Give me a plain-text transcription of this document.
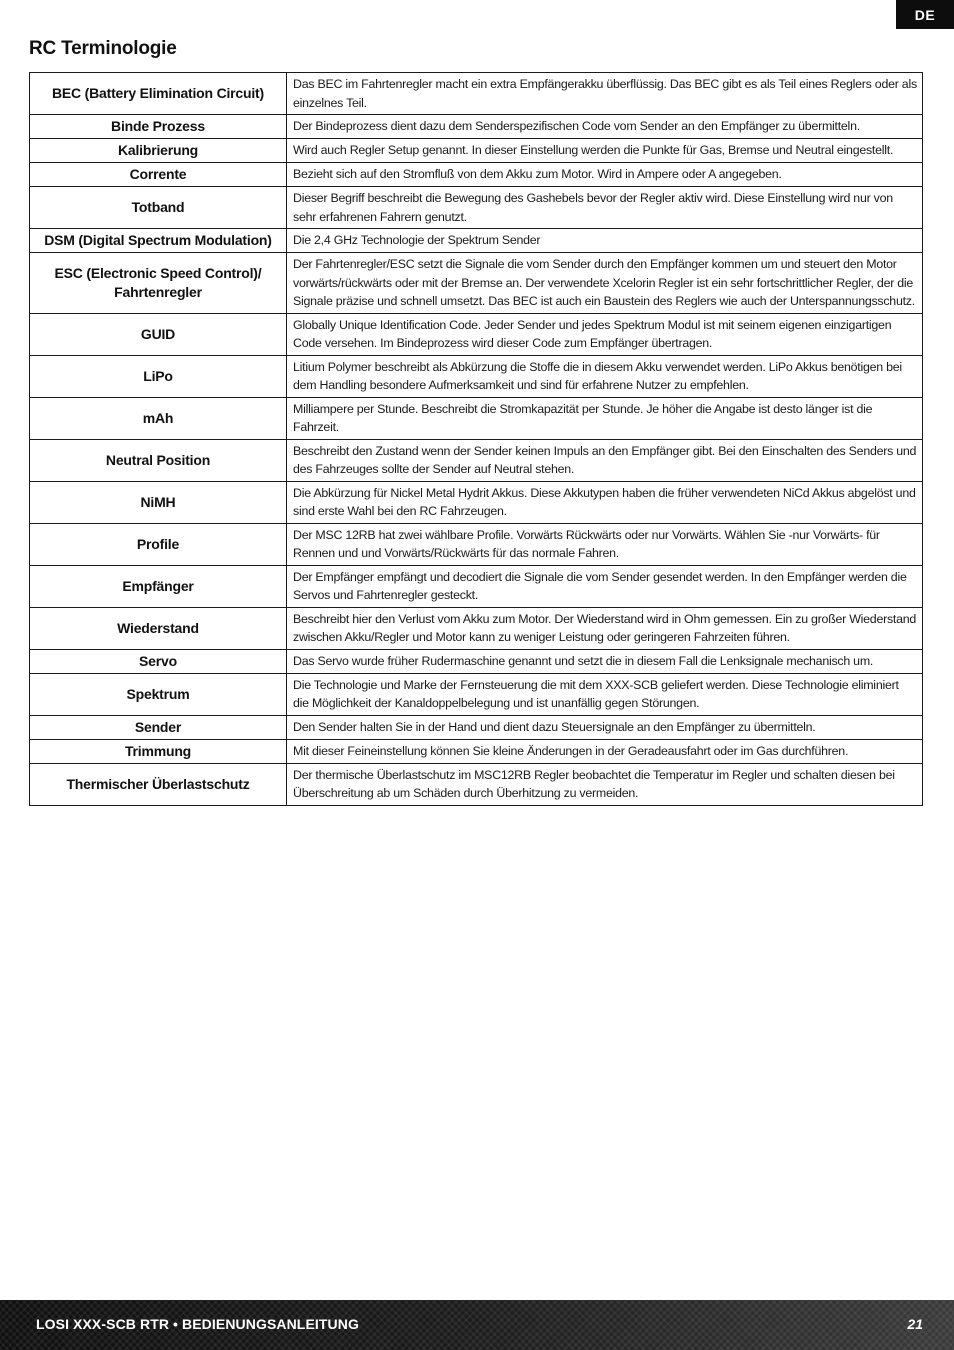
DE
RC Terminologie
BEC (Battery Elimination Circuit)	Das BEC im Fahrtenregler macht ein extra Empfängerakku überflüssig. Das BEC gibt es als Teil eines Reglers oder als einzelnes Teil.
Binde Prozess	Der Bindeprozess dient dazu dem Senderspezifischen Code vom Sender an den Empfänger zu übermitteln.
Kalibrierung	Wird auch Regler Setup genannt. In dieser Einstellung werden die Punkte für Gas, Bremse und Neutral eingestellt.
Corrente	Bezieht sich auf den Stromfluß von dem Akku zum Motor. Wird in Ampere oder A angegeben.
Totband	Dieser Begriff beschreibt die Bewegung des Gashebels bevor der Regler aktiv wird. Diese Einstellung wird nur von sehr erfahrenen Fahrern genutzt.
DSM (Digital Spectrum Modulation)	Die 2,4 GHz Technologie der Spektrum Sender
ESC (Electronic Speed Control)/ Fahrtenregler	Der Fahrtenregler/ESC setzt die Signale die vom Sender durch den Empfänger kommen um und steuert den Motor vorwärts/rückwärts oder mit der Bremse an. Der verwendete Xcelorin Regler ist ein sehr fortschrittlicher Regler, der die Signale präzise und schnell umsetzt. Das BEC ist auch ein Baustein des Reglers wie auch der Unterspannungsschutz.
GUID	Globally Unique Identification Code. Jeder Sender und jedes Spektrum Modul ist mit seinem eigenen einzigartigen Code versehen. Im Bindeprozess wird dieser Code zum Empfänger übertragen.
LiPo	Litium Polymer beschreibt als Abkürzung die Stoffe die in diesem Akku verwendet werden. LiPo Akkus benötigen bei dem Handling besondere Aufmerksamkeit und sind für erfahrene Nutzer zu empfehlen.
mAh	Milliampere per Stunde. Beschreibt die Stromkapazität per Stunde. Je höher die Angabe ist desto länger ist die Fahrzeit.
Neutral Position	Beschreibt den Zustand wenn der Sender keinen Impuls an den Empfänger gibt. Bei den Einschalten des Senders und des Fahrzeuges sollte der Sender auf Neutral stehen.
NiMH	Die Abkürzung für Nickel Metal Hydrit Akkus. Diese Akkutypen haben die früher verwendeten NiCd Akkus abgelöst und sind erste Wahl bei den RC Fahrzeugen.
Profile	Der MSC 12RB hat zwei wählbare Profile. Vorwärts Rückwärts oder nur Vorwärts. Wählen Sie -nur Vorwärts- für Rennen und und Vorwärts/Rückwärts für das normale Fahren.
Empfänger	Der Empfänger empfängt und decodiert die Signale die vom Sender gesendet werden. In den Empfänger werden die Servos und Fahrtenregler gesteckt.
Wiederstand	Beschreibt hier den Verlust vom Akku zum Motor. Der Wiederstand wird in Ohm gemessen. Ein zu großer Wiederstand zwischen Akku/Regler und Motor kann zu weniger Leistung oder geringeren Fahrzeiten führen.
Servo	Das Servo wurde früher Rudermaschine genannt und setzt die in diesem Fall die Lenksignale mechanisch um.
Spektrum	Die Technologie und Marke der Fernsteuerung die mit dem XXX-SCB geliefert werden. Diese Technologie eliminiert die Möglichkeit der Kanaldoppelbelegung und ist unanfällig gegen Störungen.
Sender	Den Sender halten Sie in der Hand und dient dazu Steuersignale an den Empfänger zu übermitteln.
Trimmung	Mit dieser Feineinstellung können Sie kleine Änderungen in der Geradeausfahrt oder im Gas durchführen.
Thermischer Überlastschutz	Der thermische Überlastschutz im MSC12RB Regler beobachtet die Temperatur im Regler und schalten diesen bei Überschreitung ab um Schäden durch Überhitzung zu vermeiden.
LOSI XXX-SCB RTR • BEDIENUNGSANLEITUNG	21
